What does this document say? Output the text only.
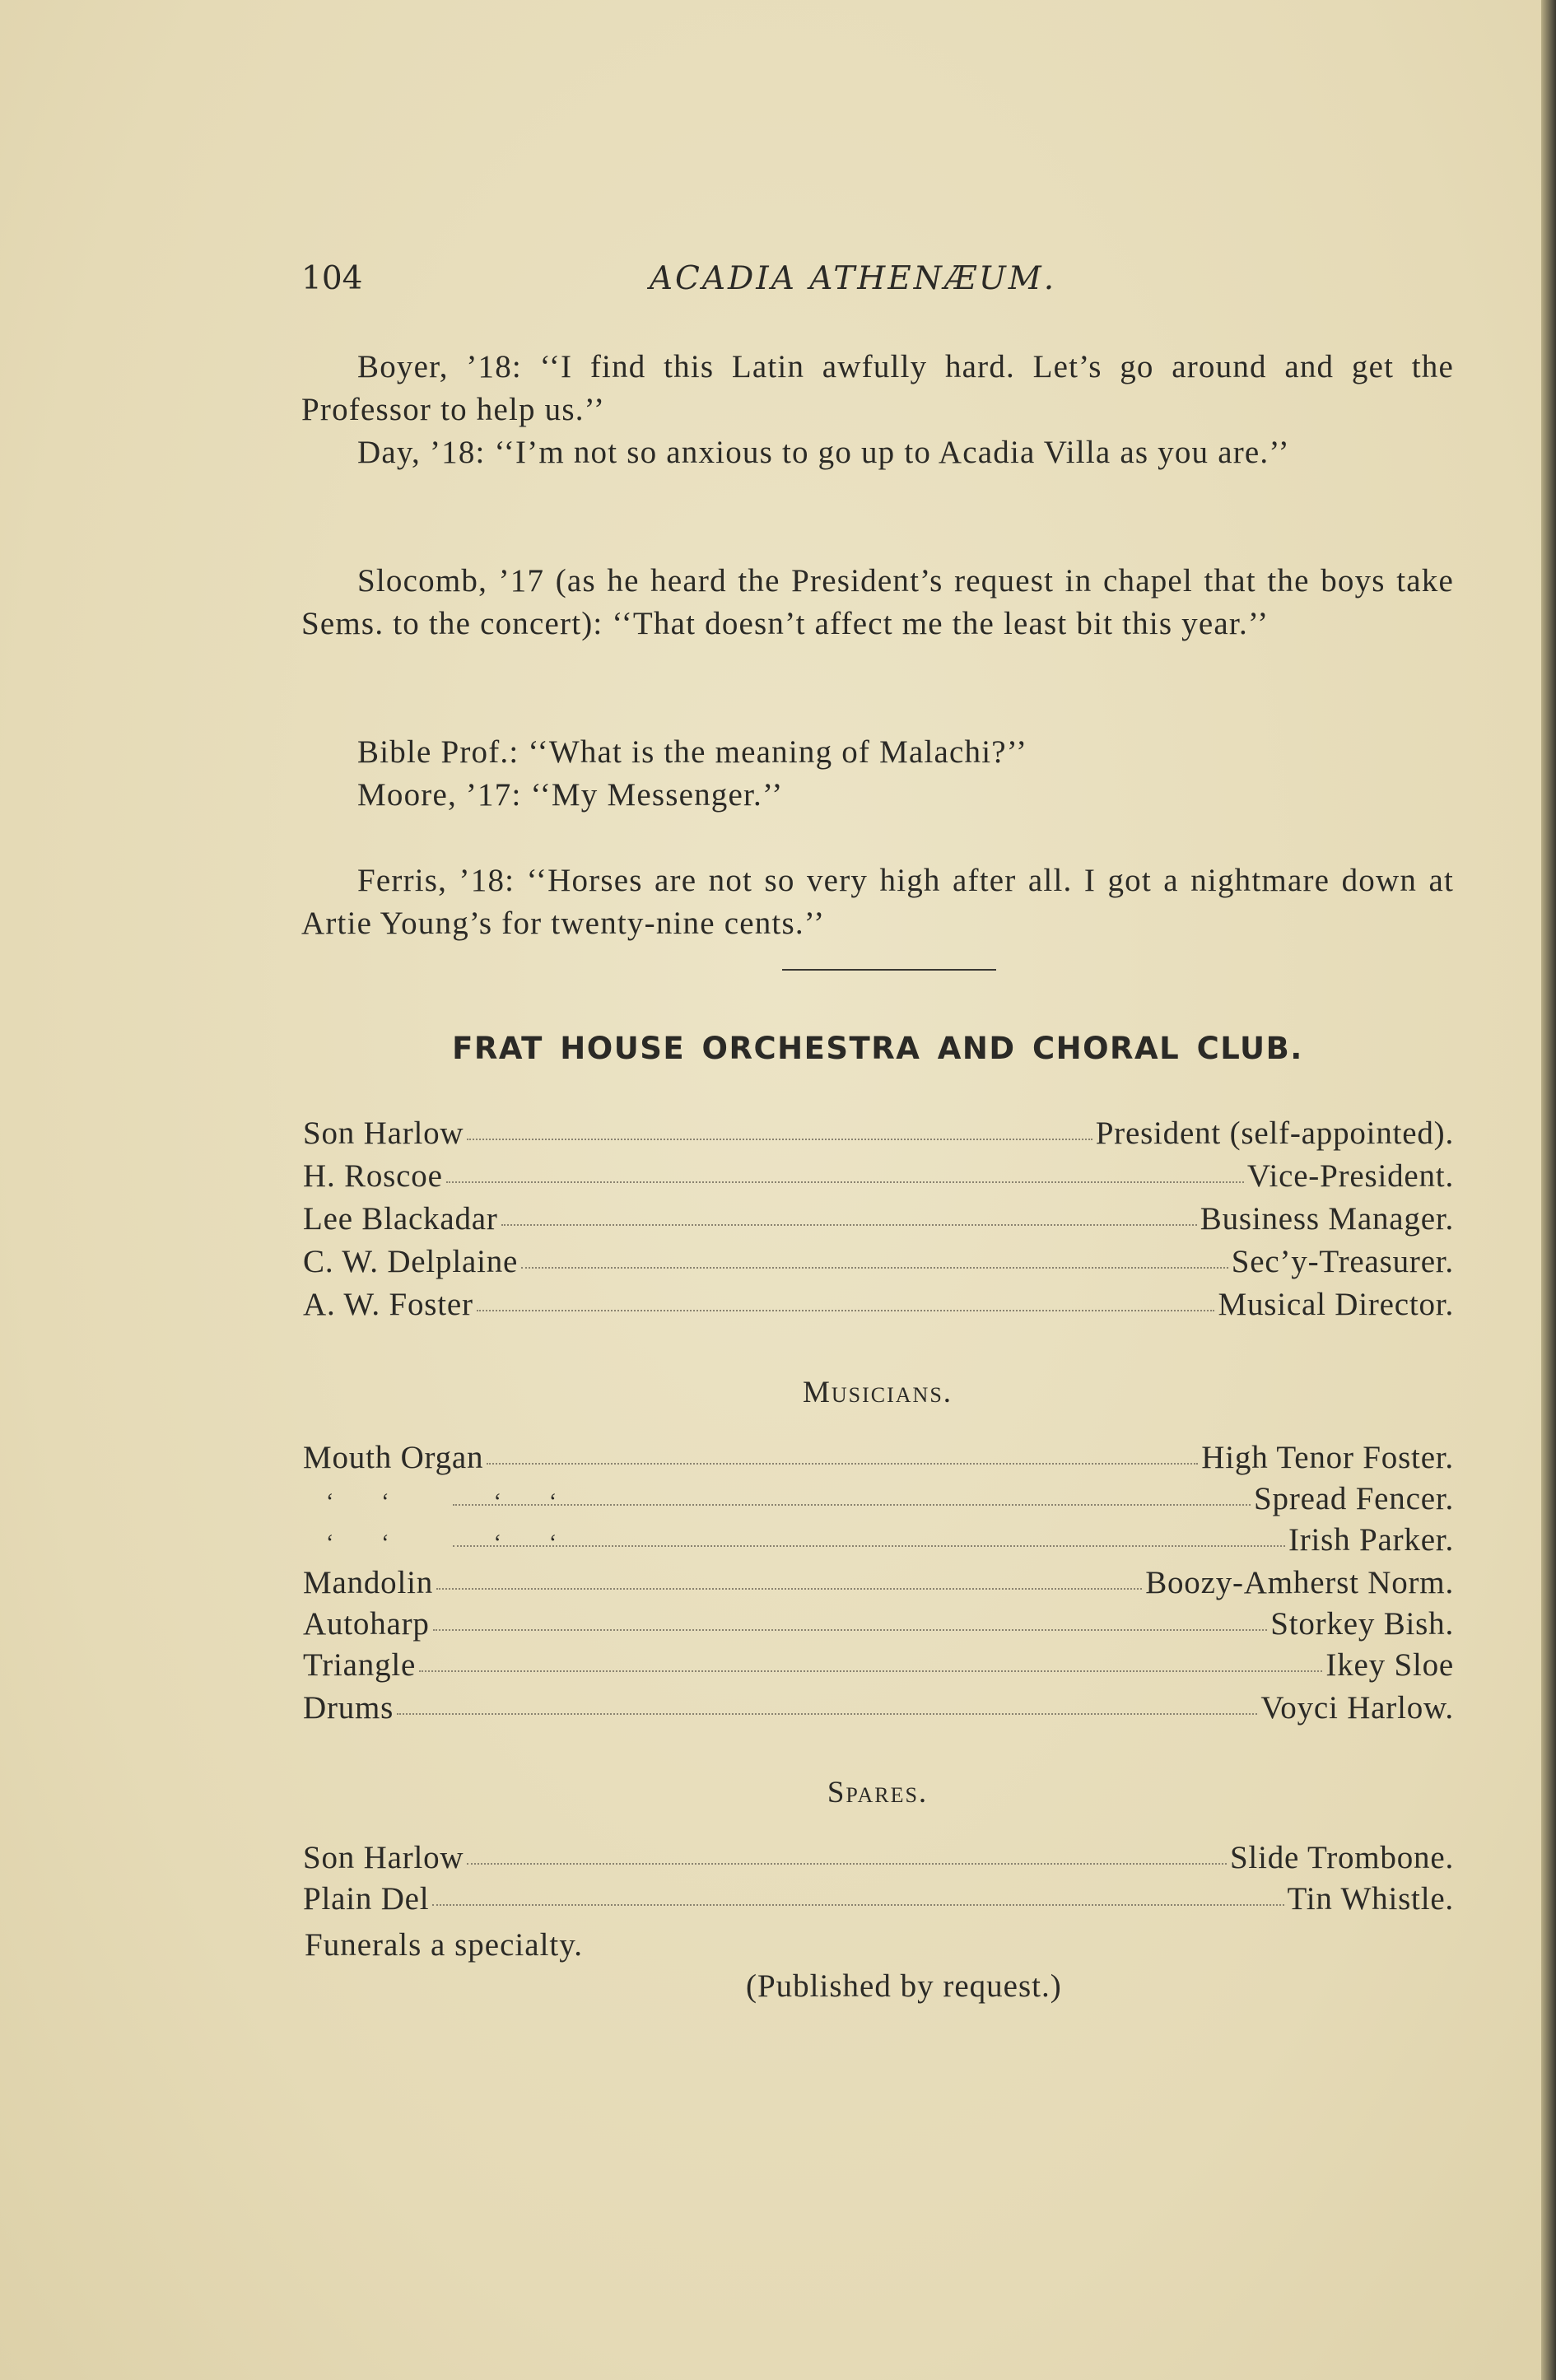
104	ACADIA ATHENÆUM.

Boyer, ’18: ‘‘I find this Latin awfully hard. Let’s go around and get the Professor to help us.’’

Day, ’18: ‘‘I’m not so anxious to go up to Acadia Villa as you are.’’

Slocomb, ’17 (as he heard the President’s request in chapel that the boys take Sems. to the concert): ‘‘That doesn’t affect me the least bit this year.’’

Bible Prof.: ‘‘What is the meaning of Malachi?’’

Moore, ’17: ‘‘My Messenger.’’

Ferris, ’18: ‘‘Horses are not so very high after all. I got a nightmare down at Artie Young’s for twenty-nine cents.’’

FRAT HOUSE ORCHESTRA AND CHORAL CLUB.
Son Harlow	President (self-appointed).
H. Roscoe	Vice-President.
Lee Blackadar	Business Manager.
C. W. Delplaine	Sec’y-Treasurer.
A. W. Foster	Musical Director.
Musicians.
Mouth Organ	High Tenor Foster.
‘‘ ‘‘	Spread Fencer.
‘‘ ‘‘	Irish Parker.
Mandolin	Boozy-Amherst Norm.
Autoharp	Storkey Bish.
Triangle	Ikey Sloe
Drums	Voyci Harlow.
Spares.
Son Harlow	Slide Trombone.
Plain Del	Tin Whistle.
Funerals a specialty.
(Published by request.)
